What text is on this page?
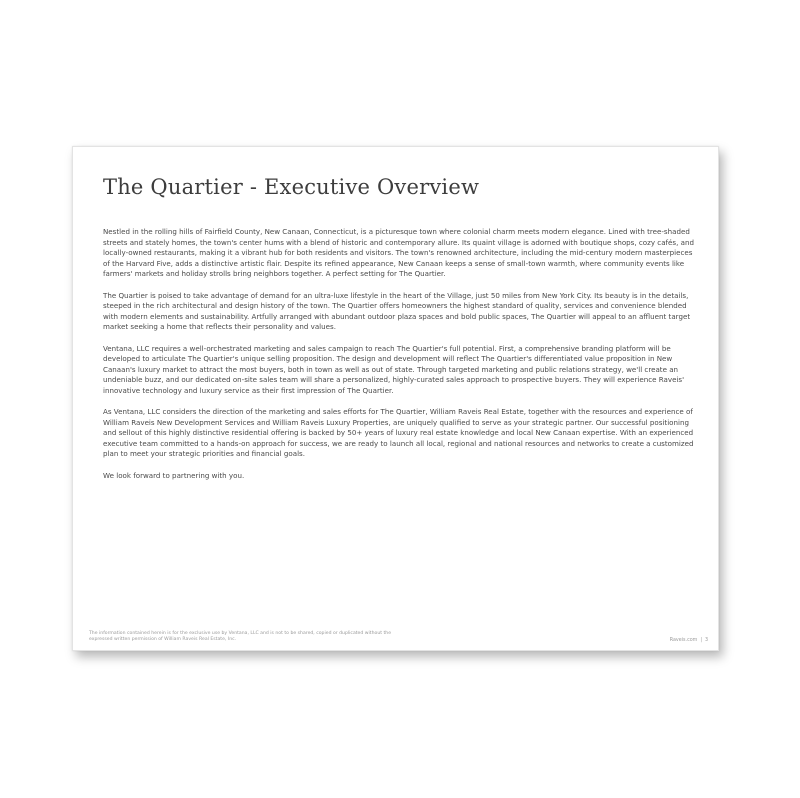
The Quartier - Executive Overview

Nestled in the rolling hills of Fairfield County, New Canaan, Connecticut, is a picturesque town where colonial charm meets modern elegance. Lined with tree-shaded streets and stately homes, the town's center hums with a blend of historic and contemporary allure. Its quaint village is adorned with boutique shops, cozy cafés, and locally-owned restaurants, making it a vibrant hub for both residents and visitors. The town's renowned architecture, including the mid-century modern masterpieces of the Harvard Five, adds a distinctive artistic flair. Despite its refined appearance, New Canaan keeps a sense of small-town warmth, where community events like farmers' markets and holiday strolls bring neighbors together. A perfect setting for The Quartier.

The Quartier is poised to take advantage of demand for an ultra-luxe lifestyle in the heart of the Village, just 50 miles from New York City. Its beauty is in the details, steeped in the rich architectural and design history of the town. The Quartier offers homeowners the highest standard of quality, services and convenience blended with modern elements and sustainability. Artfully arranged with abundant outdoor plaza spaces and bold public spaces, The Quartier will appeal to an affluent target market seeking a home that reflects their personality and values.

Ventana, LLC requires a well-orchestrated marketing and sales campaign to reach The Quartier's full potential. First, a comprehensive branding platform will be developed to articulate The Quartier's unique selling proposition. The design and development will reflect The Quartier's differentiated value proposition in New Canaan's luxury market to attract the most buyers, both in town as well as out of state. Through targeted marketing and public relations strategy, we'll create an undeniable buzz, and our dedicated on-site sales team will share a personalized, highly-curated sales approach to prospective buyers. They will experience Raveis' innovative technology and luxury service as their first impression of The Quartier.

As Ventana, LLC considers the direction of the marketing and sales efforts for The Quartier, William Raveis Real Estate, together with the resources and experience of William Raveis New Development Services and William Raveis Luxury Properties, are uniquely qualified to serve as your strategic partner. Our successful positioning and sellout of this highly distinctive residential offering is backed by 50+ years of luxury real estate knowledge and local New Canaan expertise. With an experienced executive team committed to a hands-on approach for success, we are ready to launch all local, regional and national resources and networks to create a customized plan to meet your strategic priorities and financial goals.

We look forward to partnering with you.

The information contained herein is for the exclusive use by Ventana, LLC and is not to be shared, copied or duplicated without the expressed written permission of William Raveis Real Estate, Inc.	Raveis.com | 3
